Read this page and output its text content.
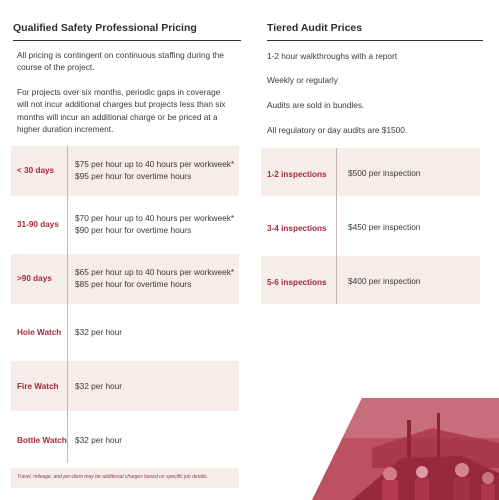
Qualified Safety Professional Pricing

All pricing is contingent on continuous staffing during the
course of the project.

For projects over six months, periodic gaps in coverage
will not incur additional charges but projects less than six
months will incur an additional charge or be priced at a
higher duration increment.

< 30 days
$75 per hour up to 40 hours per workweek*
$95 per hour for overtime hours
31-90 days
$70 per hour up to 40 hours per workweek*
$90 per hour for overtime hours
>90 days
$65 per hour up to 40 hours per workweek*
$85 per hour for overtime hours
Hole Watch $32 per hour
Fire Watch $32 per hour
Bottle Watch $32 per hour
Travel, mileage, and per-diem may be additional charges based on specific job details.
Tiered Audit Prices
1-2 hour walkthroughs with a report
Weekly or regularly
Audits are sold in bundles.
All regulatory or day audits are $1500.
1-2 inspections	$500 per inspection
3-4 inspections	$450 per inspection
5-6 inspections	$400 per inspection
